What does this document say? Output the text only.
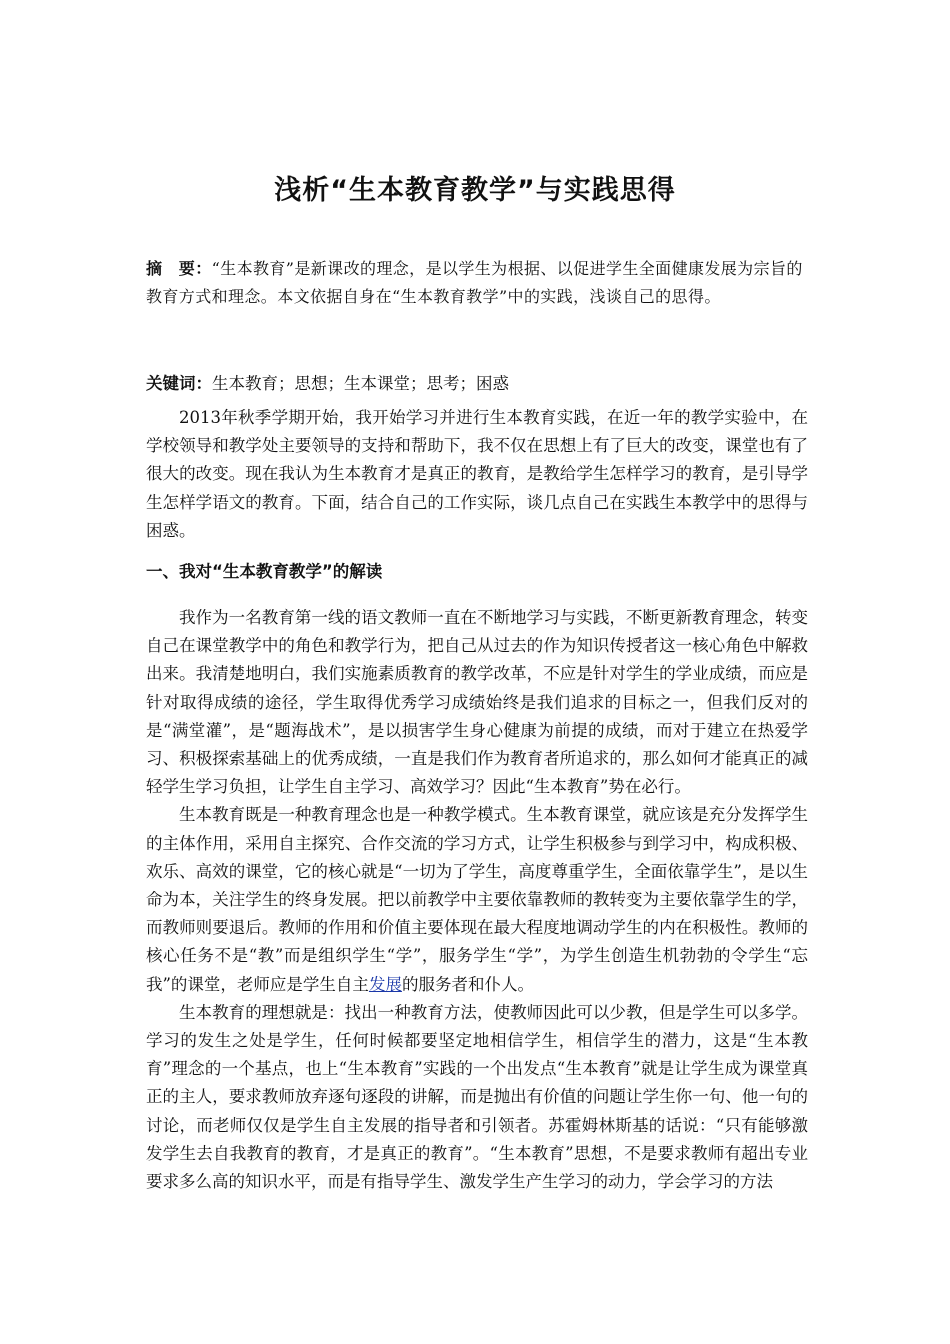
浅析“生本教育教学”与实践思得
摘　要：“生本教育”是新课改的理念，是以学生为根据、以促进学生全面健康发展为宗旨的教育方式和理念。本文依据自身在“生本教育教学”中的实践，浅谈自己的思得。
关键词：生本教育；思想；生本课堂；思考；困惑

2013年秋季学期开始，我开始学习并进行生本教育实践，在近一年的教学实验中，在学校领导和教学处主要领导的支持和帮助下，我不仅在思想上有了巨大的改变，课堂也有了很大的改变。现在我认为生本教育才是真正的教育，是教给学生怎样学习的教育，是引导学生怎样学语文的教育。下面，结合自己的工作实际，谈几点自己在实践生本教学中的思得与困惑。

一、我对“生本教育教学”的解读

我作为一名教育第一线的语文教师一直在不断地学习与实践，不断更新教育理念，转变自己在课堂教学中的角色和教学行为，把自己从过去的作为知识传授者这一核心角色中解救出来。我清楚地明白，我们实施素质教育的教学改革，不应是针对学生的学业成绩，而应是针对取得成绩的途径，学生取得优秀学习成绩始终是我们追求的目标之一，但我们反对的是“满堂灌”，是“题海战术”，是以损害学生身心健康为前提的成绩，而对于建立在热爱学习、积极探索基础上的优秀成绩，一直是我们作为教育者所追求的，那么如何才能真正的减轻学生学习负担，让学生自主学习、高效学习？因此“生本教育”势在必行。

生本教育既是一种教育理念也是一种教学模式。生本教育课堂，就应该是充分发挥学生的主体作用，采用自主探究、合作交流的学习方式，让学生积极参与到学习中，构成积极、欢乐、高效的课堂，它的核心就是“一切为了学生，高度尊重学生，全面依靠学生”，是以生命为本，关注学生的终身发展。把以前教学中主要依靠教师的教转变为主要依靠学生的学，而教师则要退后。教师的作用和价值主要体现在最大程度地调动学生的内在积极性。教师的核心任务不是“教”而是组织学生“学”，服务学生“学”，为学生创造生机勃勃的令学生“忘我”的课堂，老师应是学生自主发展的服务者和仆人。

生本教育的理想就是：找出一种教育方法，使教师因此可以少教，但是学生可以多学。学习的发生之处是学生，任何时候都要坚定地相信学生，相信学生的潜力，这是“生本教育”理念的一个基点，也上“生本教育”实践的一个出发点“生本教育”就是让学生成为课堂真正的主人，要求教师放弃逐句逐段的讲解，而是抛出有价值的问题让学生你一句、他一句的讨论，而老师仅仅是学生自主发展的指导者和引领者。苏霍姆林斯基的话说：“只有能够激发学生去自我教育的教育，才是真正的教育”。“生本教育”思想，不是要求教师有超出专业要求多么高的知识水平，而是有指导学生、激发学生产生学习的动力，学会学习的方法
